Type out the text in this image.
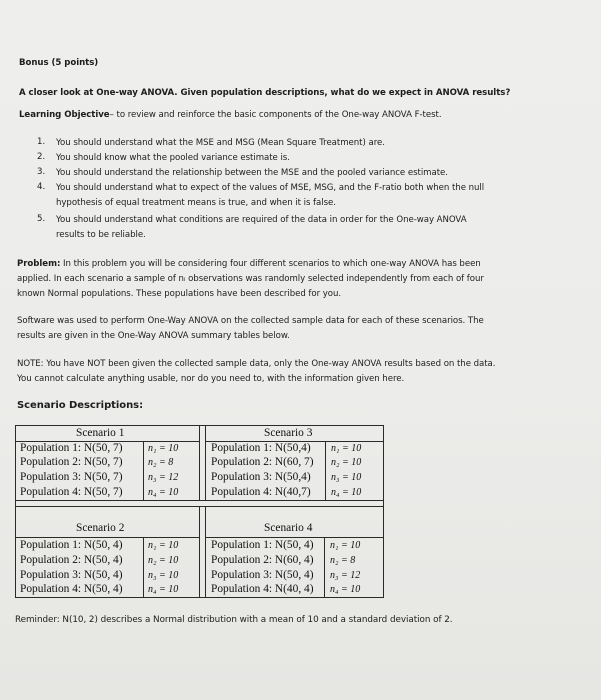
Bonus (5 points)
A closer look at One-way ANOVA. Given population descriptions, what do we expect in ANOVA results?
Learning Objective– to review and reinforce the basic components of the One-way ANOVA F-test.
1. You should understand what the MSE and MSG (Mean Square Treatment) are.
2. You should know what the pooled variance estimate is.
3. You should understand the relationship between the MSE and the pooled variance estimate.
4. You should understand what to expect of the values of MSE, MSG, and the F-ratio both when the null
hypothesis of equal treatment means is true, and when it is false.
5. You should understand what conditions are required of the data in order for the One-way ANOVA
results to be reliable.
Problem: In this problem you will be considering four different scenarios to which one-way ANOVA has been
applied. In each scenario a sample of nᵢ observations was randomly selected independently from each of four
known Normal populations. These populations have been described for you.
Software was used to perform One-Way ANOVA on the collected sample data for each of these scenarios. The
results are given in the One-Way ANOVA summary tables below.
NOTE: You have NOT been given the collected sample data, only the One-way ANOVA results based on the data.
You cannot calculate anything usable, nor do you need to, with the information given here.
Scenario Descriptions:
Scenario 1
Population 1: N(50, 7)	n₁ = 10
Population 2: N(50, 7)	n₂ = 8
Population 3: N(50, 7)	n₃ = 12
Population 4: N(50, 7)	n₄ = 10
Scenario 3
Population 1: N(50,4) n₁ = 10
Population 2: N(60, 7) n₂ = 10
Population 3: N(50,4) n₃ = 10
Population 4: N(40,7) n₄ = 10
Scenario 2
Population 1: N(50, 4)	n₁ = 10
Population 2: N(50, 4)	n₂ = 10
Population 3: N(50, 4)	n₃ = 10
Population 4: N(50, 4)	n₄ = 10
Scenario 4
Population 1: N(50, 4) n₁ = 10
Population 2: N(60, 4) n₂ = 8
Population 3: N(50, 4) n₃ = 12
Population 4: N(40, 4) n₄ = 10
Reminder: N(10, 2) describes a Normal distribution with a mean of 10 and a standard deviation of 2.
